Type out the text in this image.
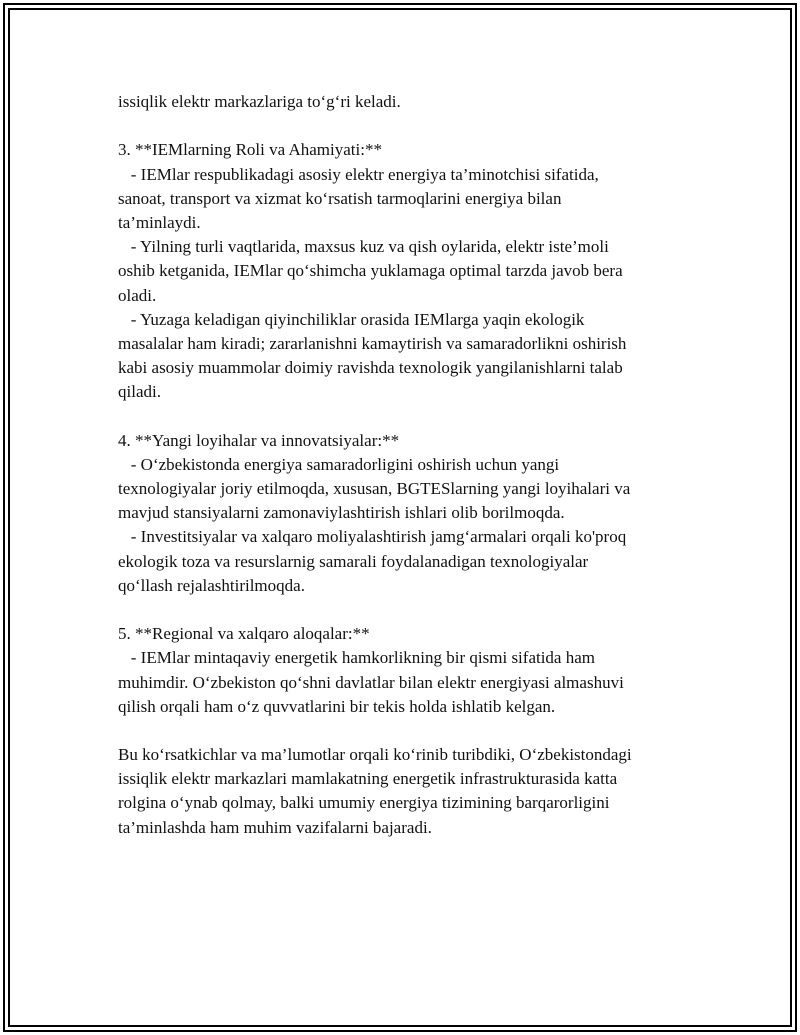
issiqlik elektr markazlariga to‘g‘ri keladi.
3. **IEMlarning Roli va Ahamiyati:**
- IEMlar respublikadagi asosiy elektr energiya ta’minotchisi sifatida,
sanoat, transport va xizmat ko‘rsatish tarmoqlarini energiya bilan
ta’minlaydi.
- Yilning turli vaqtlarida, maxsus kuz va qish oylarida, elektr iste’moli
oshib ketganida, IEMlar qo‘shimcha yuklamaga optimal tarzda javob bera
oladi.
- Yuzaga keladigan qiyinchiliklar orasida IEMlarga yaqin ekologik
masalalar ham kiradi; zararlanishni kamaytirish va samaradorlikni oshirish
kabi asosiy muammolar doimiy ravishda texnologik yangilanishlarni talab
qiladi.
4. **Yangi loyihalar va innovatsiyalar:**
- O‘zbekistonda energiya samaradorligini oshirish uchun yangi
texnologiyalar joriy etilmoqda, xususan, BGTESlarning yangi loyihalari va
mavjud stansiyalarni zamonaviylashtirish ishlari olib borilmoqda.
- Investitsiyalar va xalqaro moliyalashtirish jamg‘armalari orqali ko'proq
ekologik toza va resurslarnig samarali foydalanadigan texnologiyalar
qo‘llash rejalashtirilmoqda.
5. **Regional va xalqaro aloqalar:**
- IEMlar mintaqaviy energetik hamkorlikning bir qismi sifatida ham
muhimdir. O‘zbekiston qo‘shni davlatlar bilan elektr energiyasi almashuvi
qilish orqali ham o‘z quvvatlarini bir tekis holda ishlatib kelgan.
Bu ko‘rsatkichlar va ma’lumotlar orqali ko‘rinib turibdiki, O‘zbekistondagi
issiqlik elektr markazlari mamlakatning energetik infrastrukturasida katta
rolgina o‘ynab qolmay, balki umumiy energiya tizimining barqarorligini
ta’minlashda ham muhim vazifalarni bajaradi.
